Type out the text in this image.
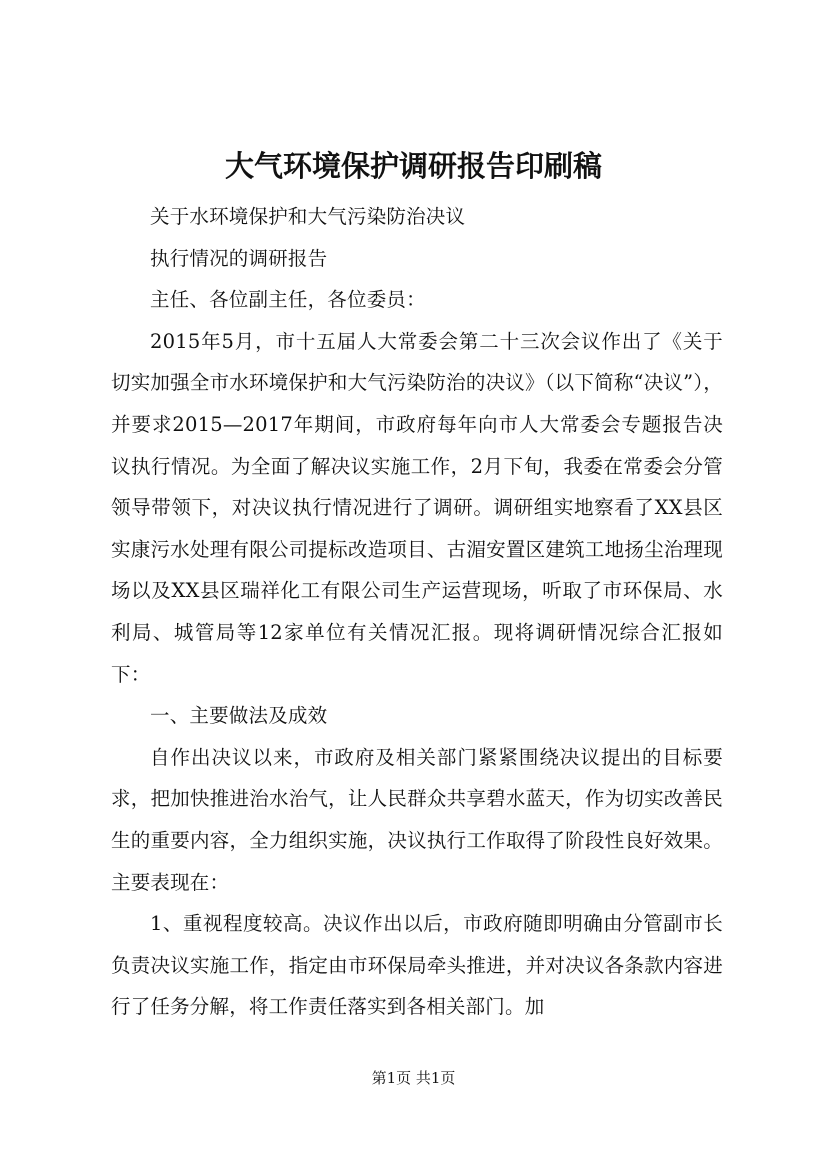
大气环境保护调研报告印刷稿

关于水环境保护和大气污染防治决议

执行情况的调研报告

主任、各位副主任，各位委员：

2015年5月，市十五届人大常委会第二十三次会议作出了《关于切实加强全市水环境保护和大气污染防治的决议》（以下简称“决议”），并要求2015—2017年期间，市政府每年向市人大常委会专题报告决议执行情况。为全面了解决议实施工作，2月下旬，我委在常委会分管领导带领下，对决议执行情况进行了调研。调研组实地察看了XX县区实康污水处理有限公司提标改造项目、古湄安置区建筑工地扬尘治理现场以及XX县区瑞祥化工有限公司生产运营现场，听取了市环保局、水利局、城管局等12家单位有关情况汇报。现将调研情况综合汇报如下：

一、主要做法及成效

自作出决议以来，市政府及相关部门紧紧围绕决议提出的目标要求，把加快推进治水治气，让人民群众共享碧水蓝天，作为切实改善民生的重要内容，全力组织实施，决议执行工作取得了阶段性良好效果。主要表现在：

1、重视程度较高。决议作出以后，市政府随即明确由分管副市长负责决议实施工作，指定由市环保局牵头推进，并对决议各条款内容进行了任务分解，将工作责任落实到各相关部门。加

第1页 共1页
